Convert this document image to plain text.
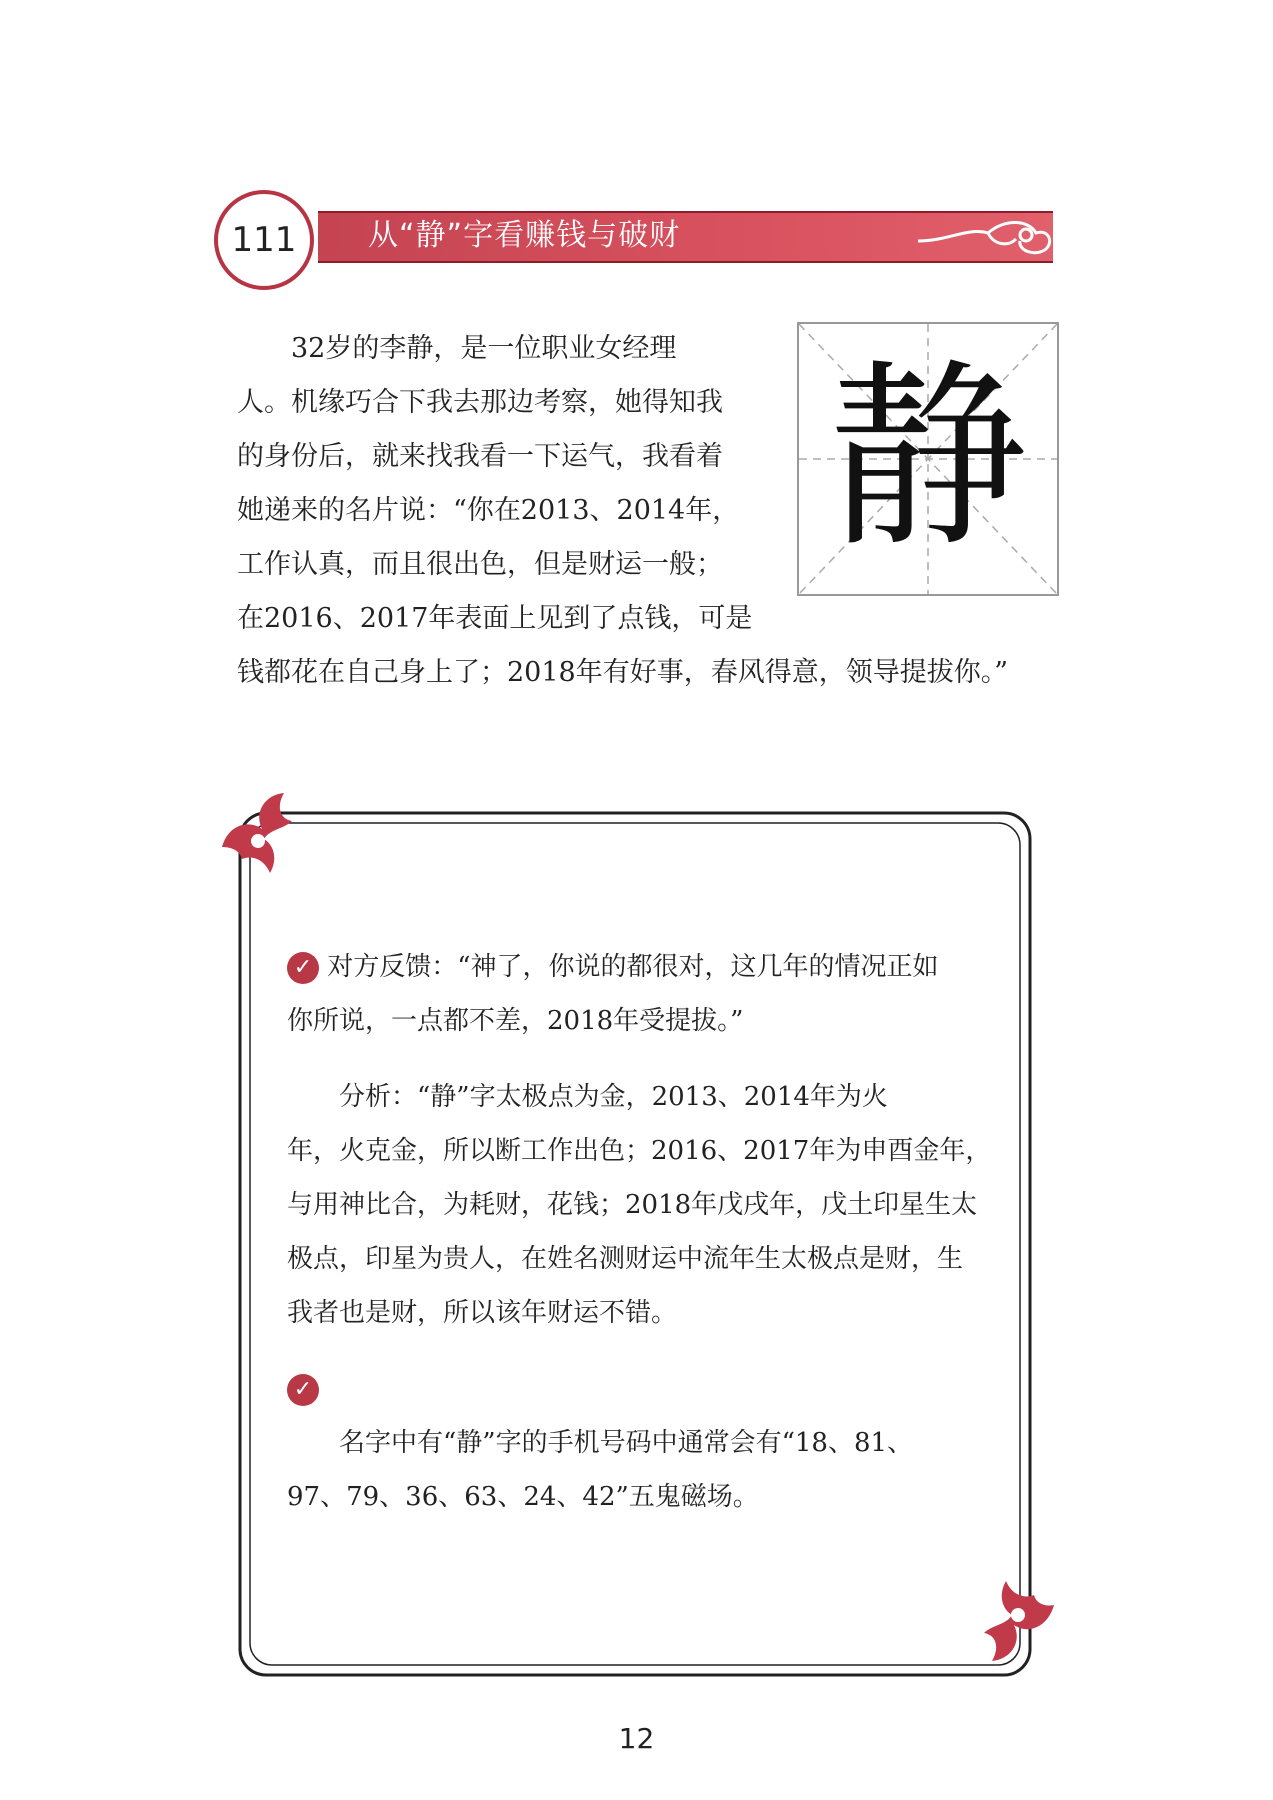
111	从“静”字看赚钱与破财

　　32岁的李静，是一位职业女经理

人。机缘巧合下我去那边考察，她得知我

的身份后，就来找我看一下运气，我看着

她递来的名片说：“你在2013、2014年，

工作认真，而且很出色，但是财运一般；

在2016、2017年表面上见到了点钱，可是

钱都花在自己身上了；2018年有好事，春风得意，领导提拔你。”

静

✓ 对方反馈：“神了，你说的都很对，这几年的情况正如

你所说，一点都不差，2018年受提拔。”

　　分析：“静”字太极点为金，2013、2014年为火

年，火克金，所以断工作出色；2016、2017年为申酉金年，

与用神比合，为耗财，花钱；2018年戊戌年，戊土印星生太

极点，印星为贵人，在姓名测财运中流年生太极点是财，生

我者也是财，所以该年财运不错。

✓

　　名字中有“静”字的手机号码中通常会有“18、81、

97、79、36、63、24、42”五鬼磁场。

12
